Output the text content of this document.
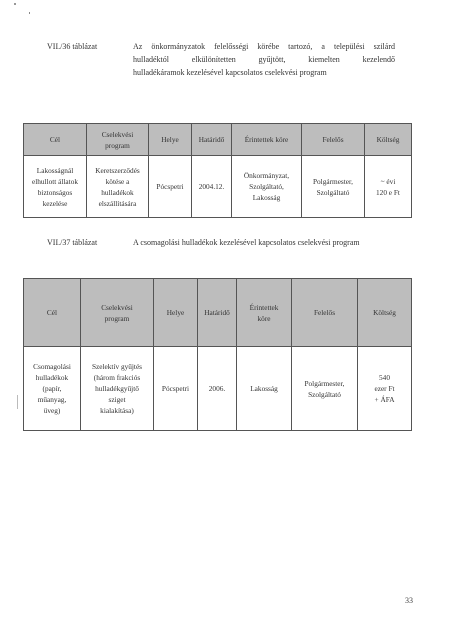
VII./36 táblázat	Az önkormányzatok felelősségi körébe tartozó, a települési szilárd
hulladéktól elkülönítetten gyűjtött, kiemelten kezelendő
hulladékáramok kezelésével kapcsolatos cselekvési program
Cél	Cselekvési
program	Helye	Határidő	Érintettek köre	Felelős	Költség

Lakosságnál
elhullott állatok
biztonságos
kezelése	Keretszerződés
kötése a
hulladékok
elszállítására	Pócspetri	2004.12.	Önkormányzat,
Szolgáltató,
Lakosság	Polgármester,
Szolgáltató	~ évi
120 e Ft
VII./37 táblázat	A csomagolási hulladékok kezelésével kapcsolatos cselekvési program
Cél	Cselekvési
program	Helye	Határidő	Érintettek
köre	Felelős	Költség

Csomagolási
hulladékok
(papír,
műanyag,
üveg)	Szelektív gyűjtés
(három frakciós
hulladékgyűjtő
sziget
kialakítása)	Pócspetri	2006.	Lakosság	Polgármester,
Szolgáltató	540
ezer Ft
+ ÁFA
33
